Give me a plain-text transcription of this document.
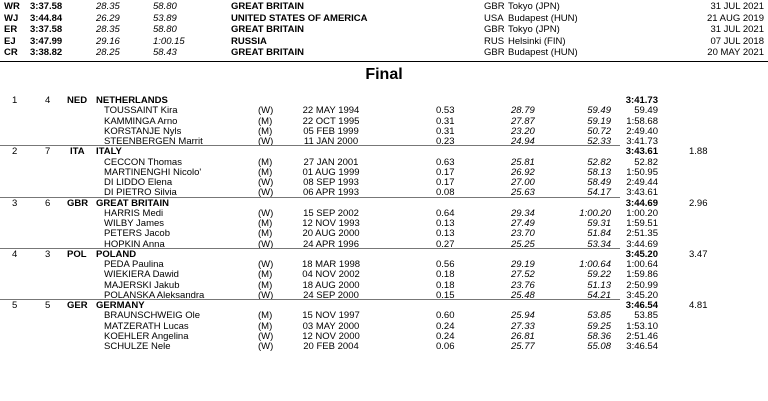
WR 3:37.58	28.35	58.80	GREAT BRITAIN	GBR Tokyo (JPN)	31 JUL 2021
WJ 3:44.84	26.29	53.89	UNITED STATES OF AMERICA	USA Budapest (HUN)	21 AUG 2019
ER 3:37.58	28.35	58.80	GREAT BRITAIN	GBR Tokyo (JPN)	31 JUL 2021
EJ 3:47.99	29.16	1:00.15	RUSSIA	RUS Helsinki (FIN)	07 JUL 2018
CR 3:38.82	28.25	58.43	GREAT BRITAIN	GBR Budapest (HUN)	20 MAY 2021
Final
1	4 NED NETHERLANDS	3:41.73
TOUSSAINT Kira	(W)	22 MAY 1994	0.53	28.79	59.49	59.49
KAMMINGA Arno	(M)	22 OCT 1995	0.31	27.87	59.19	1:58.68
KORSTANJE Nyls	(M)	05 FEB 1999	0.31	23.20	50.72	2:49.40
STEENBERGEN Marrit	(W)	11 JAN 2000	0.23	24.94	52.33	3:41.73
2	7 ITA ITALY	3:43.61	1.88
CECCON Thomas	(M)	27 JAN 2001	0.63	25.81	52.82	52.82
MARTINENGHI Nicolo'	(M)	01 AUG 1999	0.17	26.92	58.13	1:50.95
DI LIDDO Elena	(W)	08 SEP 1993	0.17	27.00	58.49	2:49.44
DI PIETRO Silvia	(W)	06 APR 1993	0.08	25.63	54.17	3:43.61
3	6 GBR GREAT BRITAIN	3:44.69	2.96
HARRIS Medi	(W)	15 SEP 2002	0.64	29.34	1:00.20	1:00.20
WILBY James	(M)	12 NOV 1993	0.13	27.49	59.31	1:59.51
PETERS Jacob	(M)	20 AUG 2000	0.13	23.70	51.84	2:51.35
HOPKIN Anna	(W)	24 APR 1996	0.27	25.25	53.34	3:44.69
4	3 POL POLAND	3:45.20	3.47
PEDA Paulina	(W)	18 MAR 1998	0.56	29.19	1:00.64	1:00.64
WIEKIERA Dawid	(M)	04 NOV 2002	0.18	27.52	59.22	1:59.86
MAJERSKI Jakub	(M)	18 AUG 2000	0.18	23.76	51.13	2:50.99
POLANSKA Aleksandra	(W)	24 SEP 2000	0.15	25.48	54.21	3:45.20
5	5 GER GERMANY	3:46.54	4.81
BRAUNSCHWEIG Ole	(M)	15 NOV 1997	0.60	25.94	53.85	53.85
MATZERATH Lucas	(M)	03 MAY 2000	0.24	27.33	59.25	1:53.10
KOEHLER Angelina	(W)	12 NOV 2000	0.24	26.81	58.36	2:51.46
SCHULZE Nele	(W)	20 FEB 2004	0.06	25.77	55.08	3:46.54
